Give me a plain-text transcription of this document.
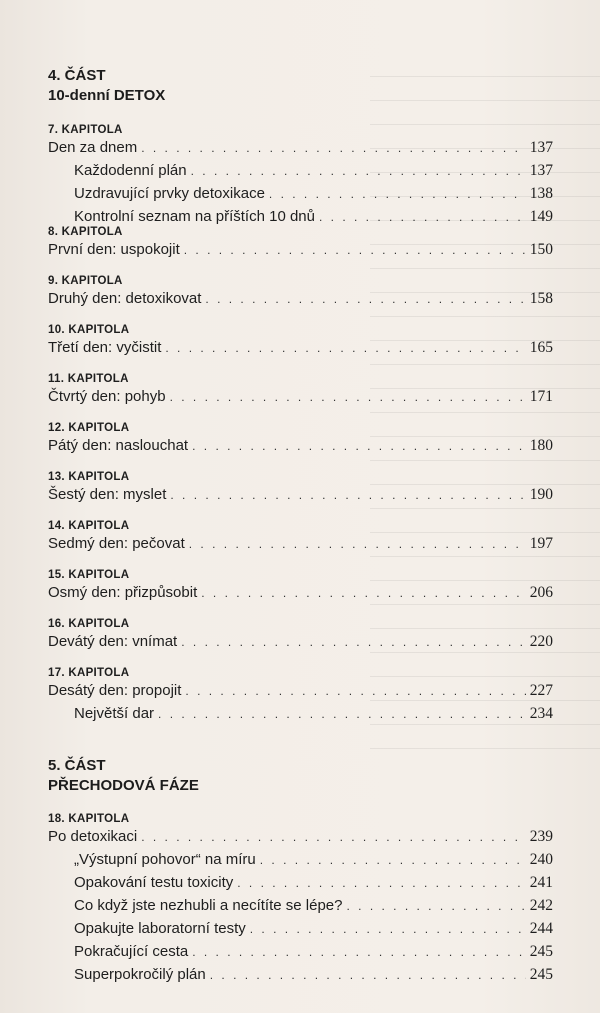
4. ČÁST
10-denní DETOX
7. KAPITOLA
Den za dnem . . .	137
Každodenní plán . . .	137
Uzdravující prvky detoxikace . . .	138
Kontrolní seznam na příštích 10 dnů . . .	149
8. KAPITOLA
První den: uspokojit . . .	150
9. KAPITOLA
Druhý den: detoxikovat . . .	158
10. KAPITOLA
Třetí den: vyčistit . . .	165
11. KAPITOLA
Čtvrtý den: pohyb . . .	171
12. KAPITOLA
Pátý den: naslouchat . . .	180
13. KAPITOLA
Šestý den: myslet . . .	190
14. KAPITOLA
Sedmý den: pečovat . . .	197
15. KAPITOLA
Osmý den: přizpůsobit . . .	206
16. KAPITOLA
Devátý den: vnímat . . .	220
17. KAPITOLA
Desátý den: propojit . . .	227
Největší dar . . .	234
5. ČÁST
PŘECHODOVÁ FÁZE
18. KAPITOLA
Po detoxikaci . . .	239
„Výstupní pohovor“ na míru . . .	240
Opakování testu toxicity . . .	241
Co když jste nezhubli a necítíte se lépe? . . .	242
Opakujte laboratorní testy . . .	244
Pokračující cesta . . .	245
Superpokročilý plán . . .	245
